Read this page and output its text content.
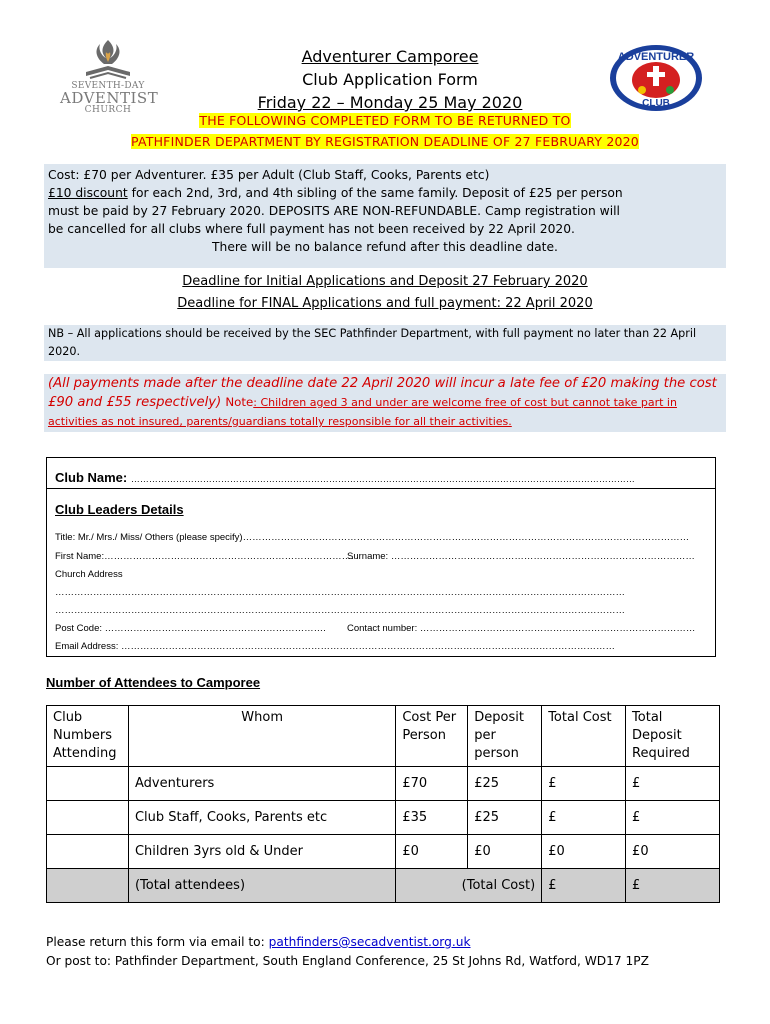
SEVENTH-DAY
ADVENTIST
CHURCH
Adventurer Camporee
Club Application Form
Friday 22 – Monday 25 May 2020
ADVENTURER
CLUB
THE FOLLOWING COMPLETED FORM TO BE RETURNED TO
PATHFINDER DEPARTMENT BY REGISTRATION DEADLINE OF 27 FEBRUARY 2020

Cost: £70 per Adventurer. £35 per Adult (Club Staff, Cooks, Parents etc)

£10 discount for each 2nd, 3rd, and 4th sibling of the same family. Deposit of £25 per person

must be paid by 27 February 2020. DEPOSITS ARE NON-REFUNDABLE. Camp registration will

be cancelled for all clubs where full payment has not been received by 22 April 2020.

There will be no balance refund after this deadline date.

Deadline for Initial Applications and Deposit 27 February 2020
Deadline for FINAL Applications and full payment: 22 April 2020
NB – All applications should be received by the SEC Pathfinder Department, with full payment no later than 22 April 2020.
(All payments made after the deadline date 22 April 2020 will incur a late fee of £20 making the cost £90 and £55 respectively) Note: Children aged 3 and under are welcome free of cost but cannot take part in activities as not insured, parents/guardians totally responsible for all their activities.
Club Name: ……………………………………………………………………………………………………………………………………………………
Club Leaders Details
Title: Mr./ Mrs./ Miss/ Others (please specify)……………………………………………………………………………………………………………………………
First Name:…………………………………………………………………….
Surname: ……………………………………………………………………………………
Church Address
………………………………………………………………………………………………………………………………………………………………
………………………………………………………………………………………………………………………………………………………………
Post Code: …………………………………………………………….	Contact number: ……………………………………………………………………………
Email Address: …………………………………………………………………………………………………………………………………………
Number of Attendees to Camporee
Club Numbers Attending	Whom	Cost Per Person	Deposit per person	Total Cost	Total Deposit Required
	Adventurers	£70	£25	£	£
	Club Staff, Cooks, Parents etc	£35	£25	£	£
	Children 3yrs old & Under	£0	£0	£0	£0
	(Total attendees)	(Total Cost)		£	£
Please return this form via email to: pathfinders@secadventist.org.uk
Or post to: Pathfinder Department, South England Conference, 25 St Johns Rd, Watford, WD17 1PZ
